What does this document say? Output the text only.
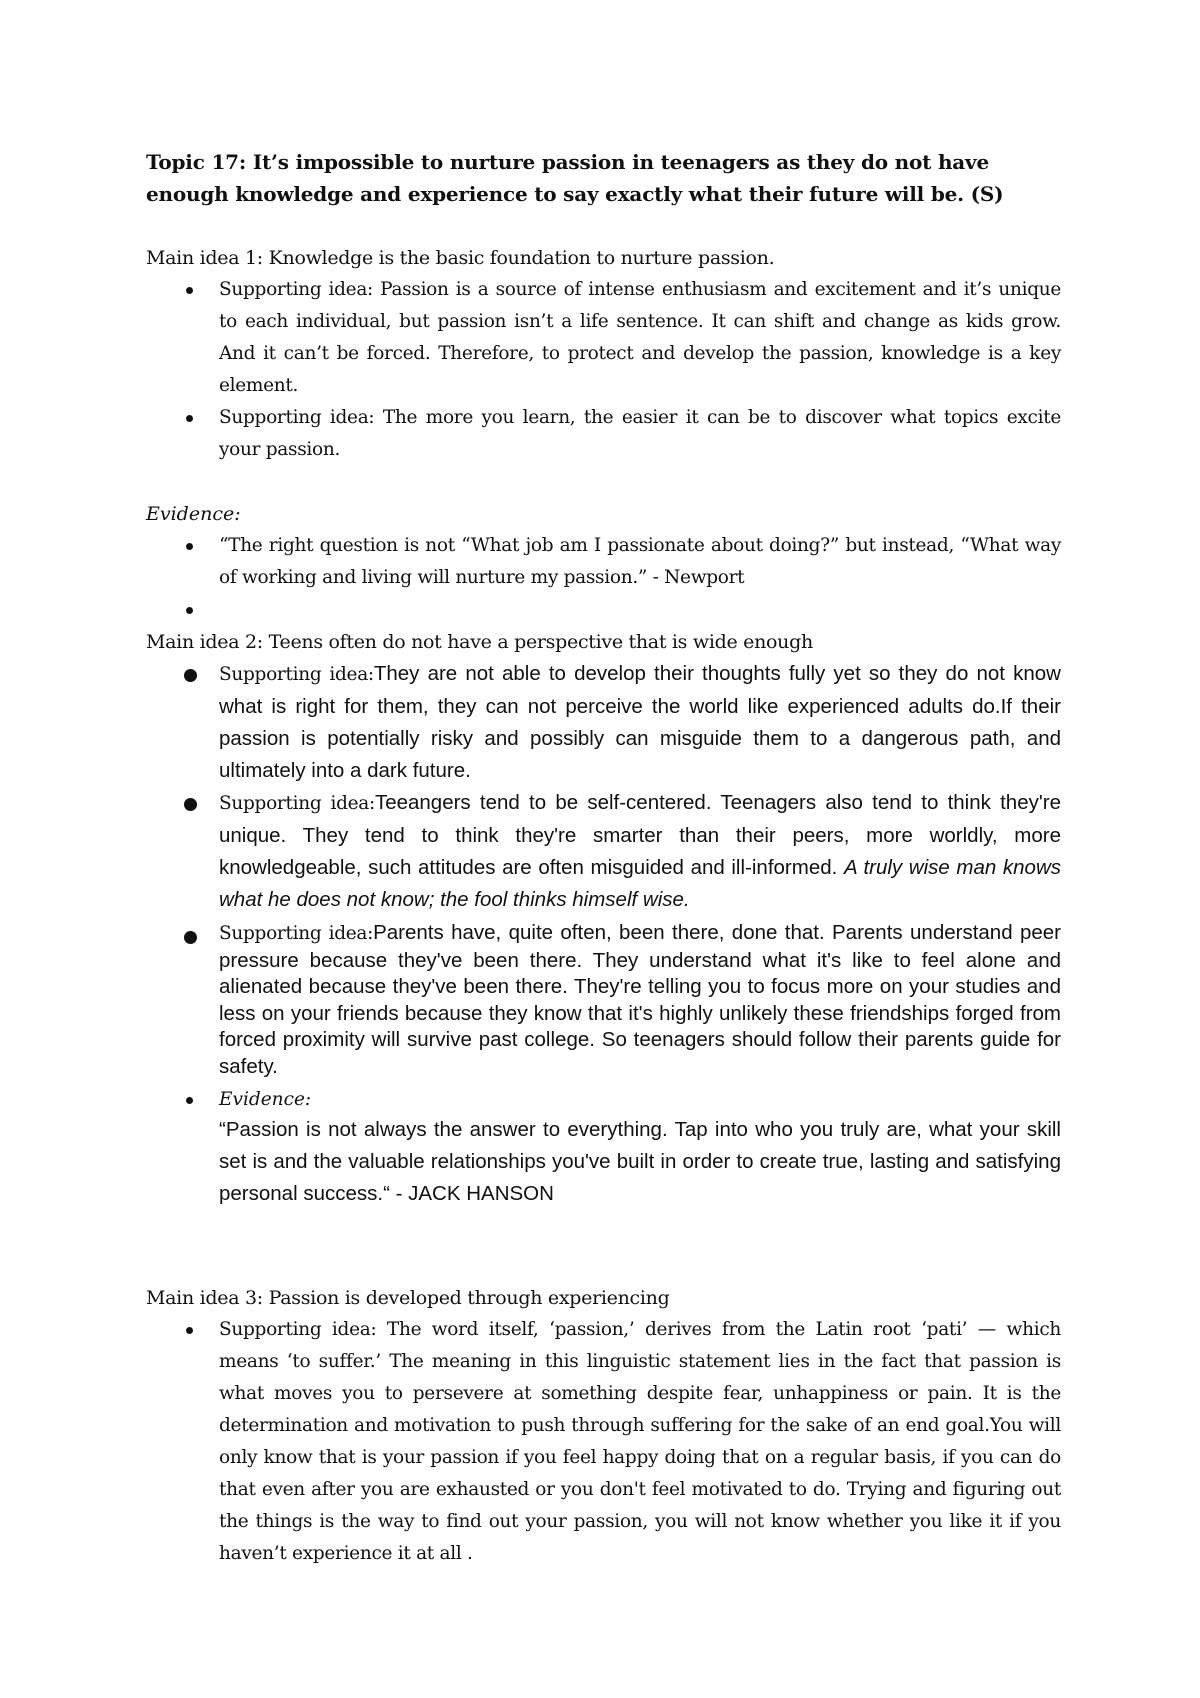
Topic 17: It’s impossible to nurture passion in teenagers as they do not have enough knowledge and experience to say exactly what their future will be. (S)

Main idea 1: Knowledge is the basic foundation to nurture passion.

Supporting idea: Passion is a source of intense enthusiasm and excitement and it’s unique to each individual, but passion isn’t a life sentence. It can shift and change as kids grow. And it can’t be forced. Therefore, to protect and develop the passion, knowledge is a key element.
Supporting idea: The more you learn, the easier it can be to discover what topics excite your passion.

Evidence:

“The right question is not “What job am I passionate about doing?” but instead, “What way of working and living will nurture my passion.” - Newport

Main idea 2: Teens often do not have a perspective that is wide enough

Supporting idea:They are not able to develop their thoughts fully yet so they do not know what is right for them, they can not perceive the world like experienced adults do.If their passion is potentially risky and possibly can misguide them to a dangerous path, and ultimately into a dark future.
Supporting idea:Teeangers tend to be self-centered. Teenagers also tend to think they're unique. They tend to think they're smarter than their peers, more worldly, more knowledgeable, such attitudes are often misguided and ill-informed. A truly wise man knows what he does not know; the fool thinks himself wise.
Supporting idea:Parents have, quite often, been there, done that. Parents understand peer pressure because they've been there. They understand what it's like to feel alone and alienated because they've been there. They're telling you to focus more on your studies and less on your friends because they know that it's highly unlikely these friendships forged from forced proximity will survive past college. So teenagers should follow their parents guide for safety.
Evidence:
“Passion is not always the answer to everything. Tap into who you truly are, what your skill set is and the valuable relationships you've built in order to create true, lasting and satisfying personal success.“ - JACK HANSON

Main idea 3: Passion is developed through experiencing

Supporting idea: The word itself, ‘passion,’ derives from the Latin root ‘pati’ — which means ‘to suffer.’ The meaning in this linguistic statement lies in the fact that passion is what moves you to persevere at something despite fear, unhappiness or pain. It is the determination and motivation to push through suffering for the sake of an end goal.You will only know that is your passion if you feel happy doing that on a regular basis, if you can do that even after you are exhausted or you don't feel motivated to do. Trying and figuring out the things is the way to find out your passion, you will not know whether you like it if you haven’t experience it at all .
